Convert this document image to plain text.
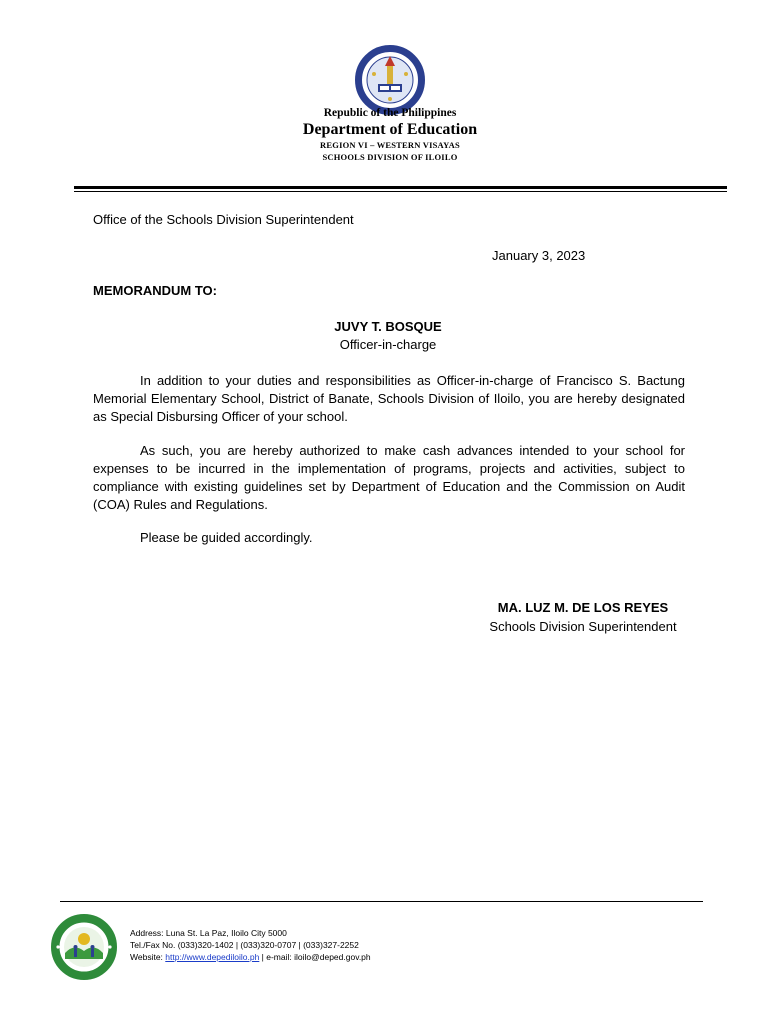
Republic of the Philippines
Department of Education
REGION VI – WESTERN VISAYAS
SCHOOLS DIVISION OF ILOILO
Office of the Schools Division Superintendent
January 3, 2023
MEMORANDUM TO:
JUVY T. BOSQUE
Officer-in-charge

In addition to your duties and responsibilities as Officer-in-charge of Francisco S. Bactung Memorial Elementary School, District of Banate, Schools Division of Iloilo, you are hereby designated as Special Disbursing Officer of your school.

As such, you are hereby authorized to make cash advances intended to your school for expenses to be incurred in the implementation of programs, projects and activities, subject to compliance with existing guidelines set by Department of Education and the Commission on Audit (COA) Rules and Regulations.

Please be guided accordingly.

MA. LUZ M. DE LOS REYES
Schools Division Superintendent
Address: Luna St. La Paz, Iloilo City 5000
Tel./Fax No. (033)320-1402 | (033)320-0707 | (033)327-2252
Website: http://www.depediloilo.ph | e-mail: iloilo@deped.gov.ph
